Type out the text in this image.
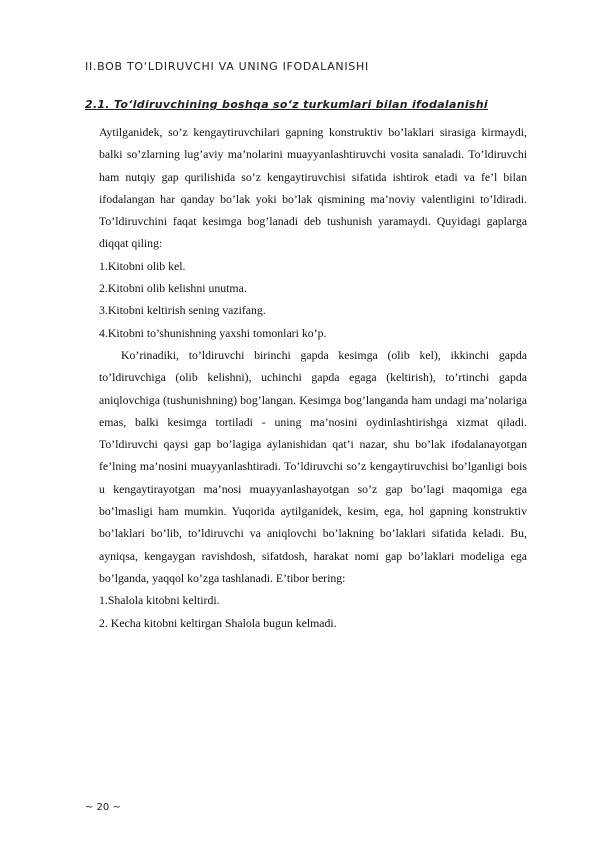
II.BOB TO‘LDIRUVCHI VA UNING IFODALANISHI
2.1. To‘ldiruvchining boshqa so‘z turkumlari bilan ifodalanishi

Aytilganidek, so’z kengaytiruvchilari gapning konstruktiv bo’laklari sirasiga kirmaydi, balki so’zlarning lug’aviy ma’nolarini muayyanlashtiruvchi vosita sanaladi. To’ldiruvchi ham nutqiy gap qurilishida so’z kengaytiruvchisi sifatida ishtirok etadi va fe’l bilan ifodalangan har qanday bo’lak yoki bo’lak qismining ma’noviy valentligini to’ldiradi. To’ldiruvchini faqat kesimga bog’lanadi deb tushunish yaramaydi. Quyidagi gaplarga diqqat qiling:

1.Kitobni olib kel.

2.Kitobni olib kelishni unutma.

3.Kitobni keltirish sening vazifang.

4.Kitobni to’shunishning yaxshi tomonlari ko’p.

Ko’rinadiki, to’ldiruvchi birinchi gapda kesimga (olib kel), ikkinchi gapda to’ldiruvchiga (olib kelishni), uchinchi gapda egaga (keltirish), to’rtinchi gapda aniqlovchiga (tushunishning) bog’langan. Kesimga bog’langanda ham undagi ma’nolariga emas, balki kesimga tortiladi - uning ma’nosini oydinlashtirishga xizmat qiladi. To’ldiruvchi qaysi gap bo’lagiga aylanishidan qat’i nazar, shu bo’lak ifodalanayotgan fe’lning ma’nosini muayyanlashtiradi. To’ldiruvchi so’z kengaytiruvchisi bo’lganligi bois u kengaytirayotgan ma’nosi muayyanlashayotgan so’z gap bo’lagi maqomiga ega bo’lmasligi ham mumkin. Yuqorida aytilganidek, kesim, ega, hol gapning konstruktiv bo’laklari bo’lib, to’ldiruvchi va aniqlovchi bo’lakning bo’laklari sifatida keladi. Bu, ayniqsa, kengaygan ravishdosh, sifatdosh, harakat nomi gap bo’laklari modeliga ega bo’lganda, yaqqol ko’zga tashlanadi. E’tibor bering:

1.Shalola kitobni keltirdi.

2. Kecha kitobni keltirgan Shalola bugun kelmadi.

~ 20 ~
